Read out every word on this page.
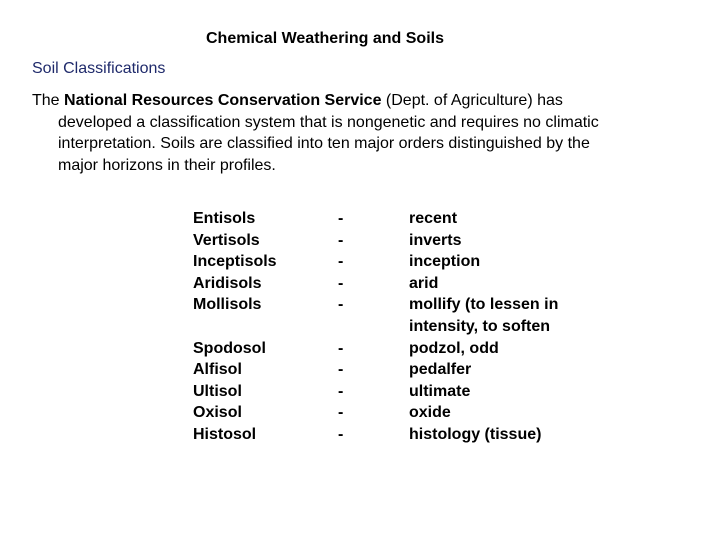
Chemical Weathering and Soils
Soil Classifications
The National Resources Conservation Service (Dept. of Agriculture) has
developed a classification system that is nongenetic and requires no climatic
interpretation. Soils are classified into ten major orders distinguished by the
major horizons in their profiles.
Entisols
Vertisols
Inceptisols
Aridisols
Mollisols
Spodosol
Alfisol
Ultisol
Oxisol
Histosol
-
-
-
-
-
-
-
-
-
-
recent
inverts
inception
arid
mollify (to lessen in
intensity, to soften
podzol, odd
pedalfer
ultimate
oxide
histology (tissue)
